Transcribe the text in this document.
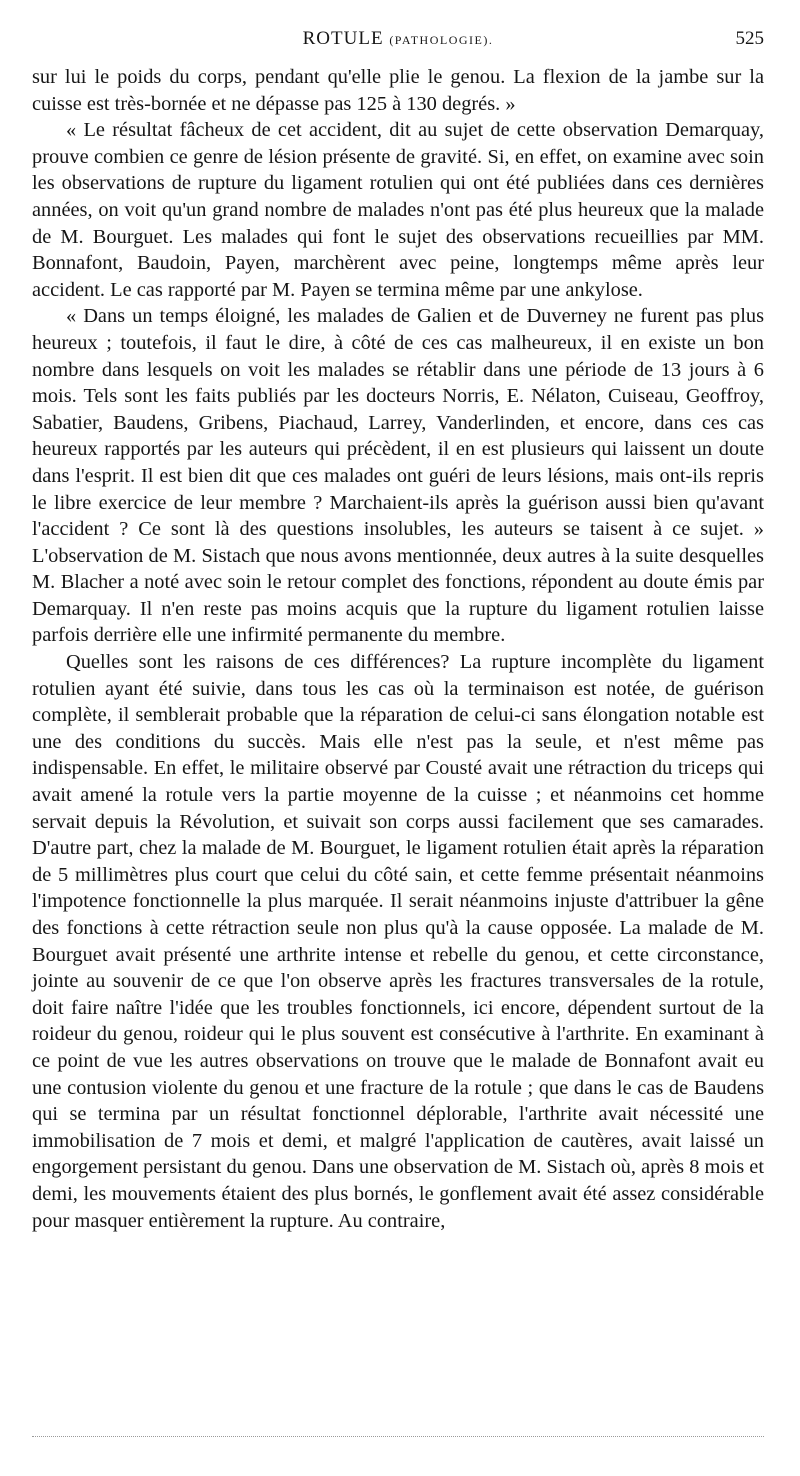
ROTULE (PATHOLOGIE).	525

sur lui le poids du corps, pendant qu'elle plie le genou. La flexion de la jambe sur la cuisse est très-bornée et ne dépasse pas 125 à 130 degrés. »

« Le résultat fâcheux de cet accident, dit au sujet de cette observation Demarquay, prouve combien ce genre de lésion présente de gravité. Si, en effet, on examine avec soin les observations de rupture du ligament rotulien qui ont été publiées dans ces dernières années, on voit qu'un grand nombre de malades n'ont pas été plus heureux que la malade de M. Bourguet. Les malades qui font le sujet des observations recueillies par MM. Bonnafont, Baudoin, Payen, marchèrent avec peine, longtemps même après leur accident. Le cas rapporté par M. Payen se termina même par une ankylose.

« Dans un temps éloigné, les malades de Galien et de Duverney ne furent pas plus heureux ; toutefois, il faut le dire, à côté de ces cas malheureux, il en existe un bon nombre dans lesquels on voit les malades se rétablir dans une période de 13 jours à 6 mois. Tels sont les faits publiés par les docteurs Norris, E. Nélaton, Cuiseau, Geoffroy, Sabatier, Baudens, Gribens, Piachaud, Larrey, Vanderlinden, et encore, dans ces cas heureux rapportés par les auteurs qui précèdent, il en est plusieurs qui laissent un doute dans l'esprit. Il est bien dit que ces malades ont guéri de leurs lésions, mais ont-ils repris le libre exercice de leur membre ? Marchaient-ils après la guérison aussi bien qu'avant l'accident ? Ce sont là des questions insolubles, les auteurs se taisent à ce sujet. » L'observation de M. Sistach que nous avons mentionnée, deux autres à la suite desquelles M. Blacher a noté avec soin le retour complet des fonctions, répondent au doute émis par Demarquay. Il n'en reste pas moins acquis que la rupture du ligament rotulien laisse parfois derrière elle une infirmité permanente du membre.

Quelles sont les raisons de ces différences? La rupture incomplète du ligament rotulien ayant été suivie, dans tous les cas où la terminaison est notée, de guérison complète, il semblerait probable que la réparation de celui-ci sans élongation notable est une des conditions du succès. Mais elle n'est pas la seule, et n'est même pas indispensable. En effet, le militaire observé par Cousté avait une rétraction du triceps qui avait amené la rotule vers la partie moyenne de la cuisse ; et néanmoins cet homme servait depuis la Révolution, et suivait son corps aussi facilement que ses camarades. D'autre part, chez la malade de M. Bourguet, le ligament rotulien était après la réparation de 5 millimètres plus court que celui du côté sain, et cette femme présentait néanmoins l'impotence fonctionnelle la plus marquée. Il serait néanmoins injuste d'attribuer la gêne des fonctions à cette rétraction seule non plus qu'à la cause opposée. La malade de M. Bourguet avait présenté une arthrite intense et rebelle du genou, et cette circonstance, jointe au souvenir de ce que l'on observe après les fractures transversales de la rotule, doit faire naître l'idée que les troubles fonctionnels, ici encore, dépendent surtout de la roideur du genou, roideur qui le plus souvent est consécutive à l'arthrite. En examinant à ce point de vue les autres observations on trouve que le malade de Bonnafont avait eu une contusion violente du genou et une fracture de la rotule ; que dans le cas de Baudens qui se termina par un résultat fonctionnel déplorable, l'arthrite avait nécessité une immobilisation de 7 mois et demi, et malgré l'application de cautères, avait laissé un engorgement persistant du genou. Dans une observation de M. Sistach où, après 8 mois et demi, les mouvements étaient des plus bornés, le gonflement avait été assez considérable pour masquer entièrement la rupture. Au contraire,
